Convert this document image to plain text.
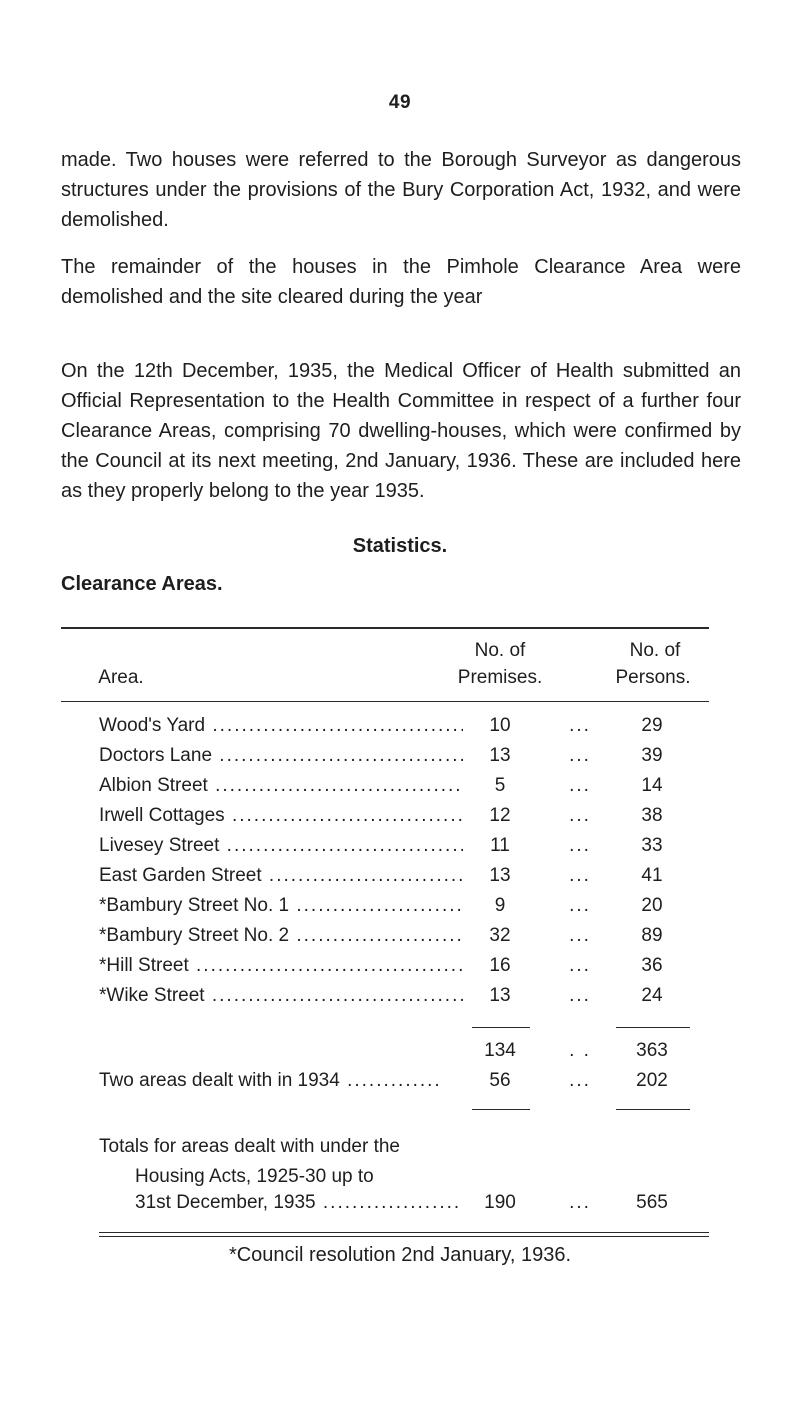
49

made. Two houses were referred to the Borough Surveyor as dangerous structures under the provisions of the Bury Corporation Act, 1932, and were demolished.

The remainder of the houses in the Pimhole Clearance Area were demolished and the site cleared during the year

On the 12th December, 1935, the Medical Officer of Health submitted an Official Representation to the Health Committee in respect of a further four Clearance Areas, comprising 70 dwelling-houses, which were confirmed by the Council at its next meeting, 2nd January, 1936. These are included here as they properly belong to the year 1935.

Statistics.
Clearance Areas.
No. of	No. of
Area.	Premises.	Persons.
Wood's Yard .....	10	...	29
Doctors Lane .....	13	...	39
Albion Street .....	5	...	14
Irwell Cottages .....	12	...	38
Livesey Street .....	11	...	33
East Garden Street .....	13	...	41
*Bambury Street No. 1 .....	9	...	20
*Bambury Street No. 2 .....	32	...	89
*Hill Street .....	16	...	36
*Wike Street .....	13	...	24
134	. .	363
Two areas dealt with in 1934 .....	56	...	202
Totals for areas dealt with under the
Housing Acts, 1925-30 up to
31st December, 1935 .....	190	...	565
*Council resolution 2nd January, 1936.
